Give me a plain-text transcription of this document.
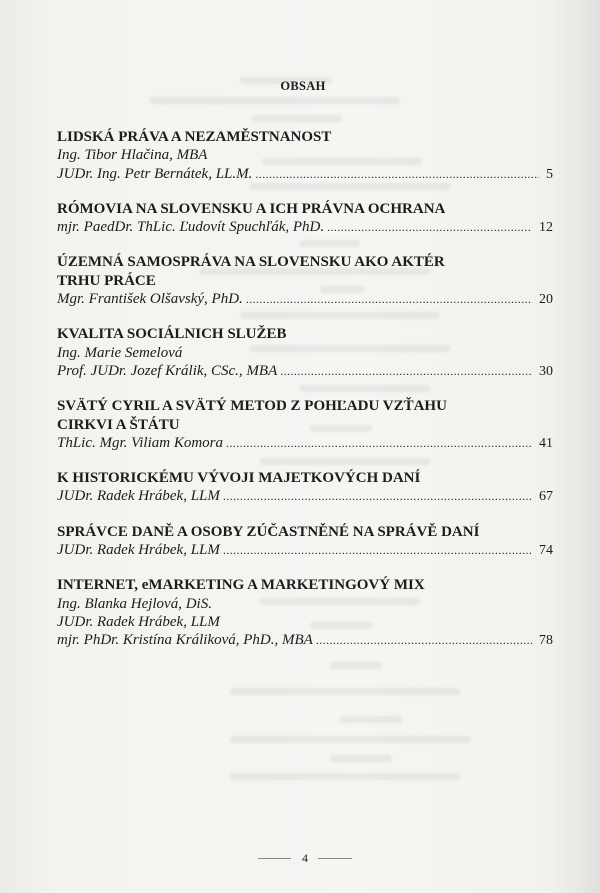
OBSAH
LIDSKÁ PRÁVA A NEZAMĚSTNANOST
Ing. Tibor Hlačina, MBA
JUDr. Ing. Petr Bernátek, LL.M. .....	5
RÓMOVIA NA SLOVENSKU A ICH PRÁVNA OCHRANA
mjr. PaedDr. ThLic. Ľudovít Spuchľák, PhD. .....	12
ÚZEMNÁ SAMOSPRÁVA NA SLOVENSKU AKO AKTÉR
TRHU PRÁCE
Mgr. František Olšavský, PhD. .....	20
KVALITA SOCIÁLNICH SLUŽEB
Ing. Marie Semelová
Prof. JUDr. Jozef Králik, CSc., MBA .....	30
SVÄTÝ CYRIL A SVÄTÝ METOD Z POHĽADU VZŤAHU
CIRKVI A ŠTÁTU
ThLic. Mgr. Viliam Komora .....	41
K HISTORICKÉMU VÝVOJI MAJETKOVÝCH DANÍ
JUDr. Radek Hrábek, LLM .....	67
SPRÁVCE DANĚ A OSOBY ZÚČASTNĚNÉ NA SPRÁVĚ DANÍ
JUDr. Radek Hrábek, LLM .....	74
INTERNET, eMARKETING A MARKETINGOVÝ MIX
Ing. Blanka Hejlová, DiS.
JUDr. Radek Hrábek, LLM
mjr. PhDr. Kristína Králiková, PhD., MBA .....	78
4
